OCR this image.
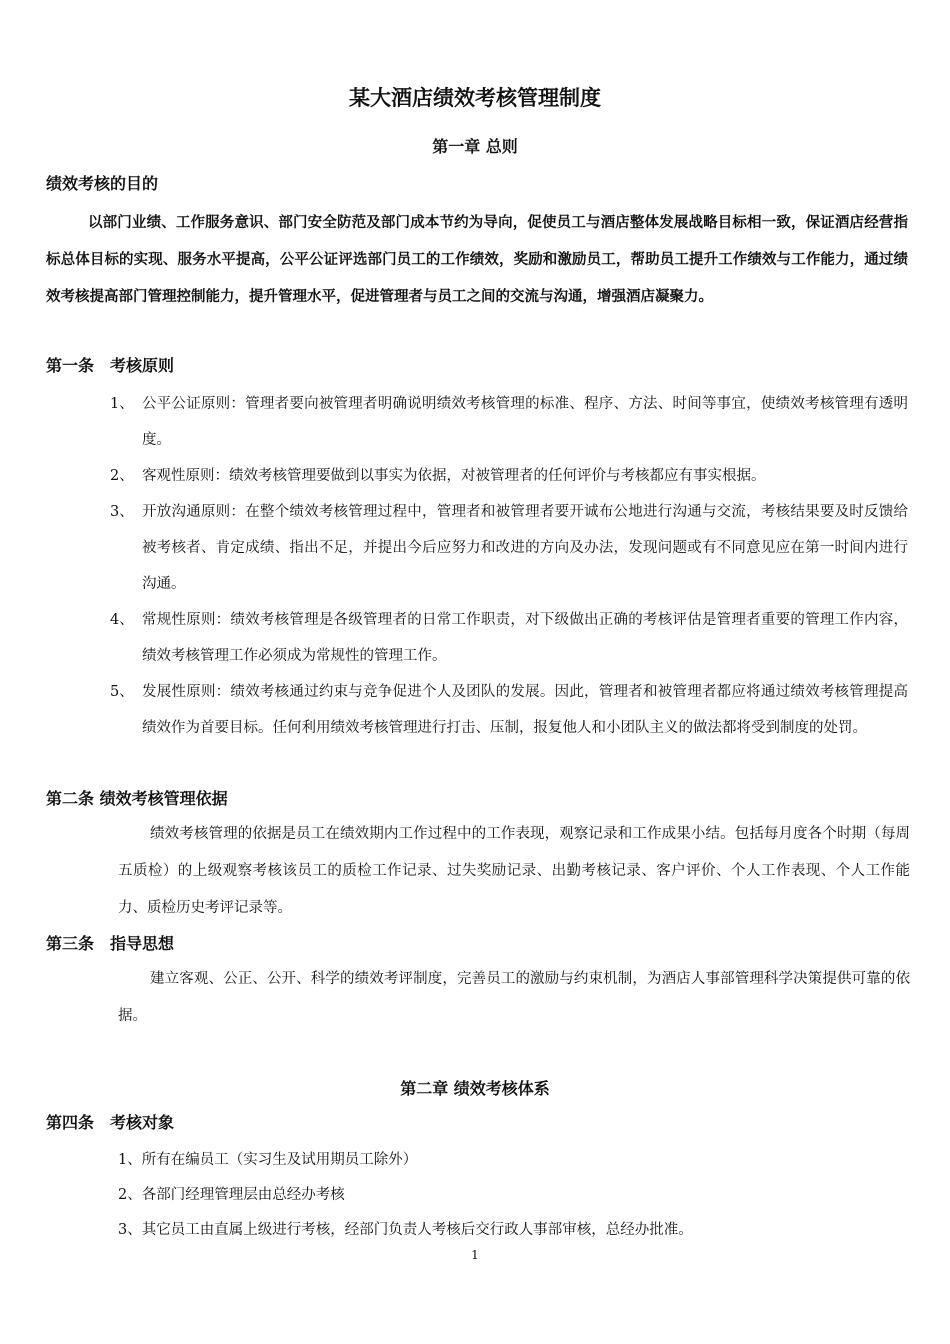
某大酒店绩效考核管理制度
第一章 总则
绩效考核的目的
以部门业绩、工作服务意识、部门安全防范及部门成本节约为导向，促使员工与酒店整体发展战略目标相一致，保证酒店经营指标总体目标的实现、服务水平提高，公平公证评选部门员工的工作绩效，奖励和激励员工，帮助员工提升工作绩效与工作能力，通过绩效考核提高部门管理控制能力，提升管理水平，促进管理者与员工之间的交流与沟通，增强酒店凝聚力。
第一条　考核原则
1、 公平公证原则：管理者要向被管理者明确说明绩效考核管理的标准、程序、方法、时间等事宜，使绩效考核管理有透明度。
2、 客观性原则：绩效考核管理要做到以事实为依据，对被管理者的任何评价与考核都应有事实根据。
3、 开放沟通原则：在整个绩效考核管理过程中，管理者和被管理者要开诚布公地进行沟通与交流，考核结果要及时反馈给被考核者、肯定成绩、指出不足，并提出今后应努力和改进的方向及办法，发现问题或有不同意见应在第一时间内进行沟通。
4、 常规性原则：绩效考核管理是各级管理者的日常工作职责，对下级做出正确的考核评估是管理者重要的管理工作内容，绩效考核管理工作必须成为常规性的管理工作。
5、 发展性原则：绩效考核通过约束与竞争促进个人及团队的发展。因此，管理者和被管理者都应将通过绩效考核管理提高绩效作为首要目标。任何利用绩效考核管理进行打击、压制，报复他人和小团队主义的做法都将受到制度的处罚。
第二条 绩效考核管理依据
绩效考核管理的依据是员工在绩效期内工作过程中的工作表现，观察记录和工作成果小结。包括每月度各个时期（每周五质检）的上级观察考核该员工的质检工作记录、过失奖励记录、出勤考核记录、客户评价、个人工作表现、个人工作能力、质检历史考评记录等。
第三条　指导思想
建立客观、公正、公开、科学的绩效考评制度，完善员工的激励与约束机制，为酒店人事部管理科学决策提供可靠的依据。
第二章 绩效考核体系
第四条　考核对象
1、所有在编员工（实习生及试用期员工除外）
2、各部门经理管理层由总经办考核
3、其它员工由直属上级进行考核，经部门负责人考核后交行政人事部审核，总经办批准。
1
